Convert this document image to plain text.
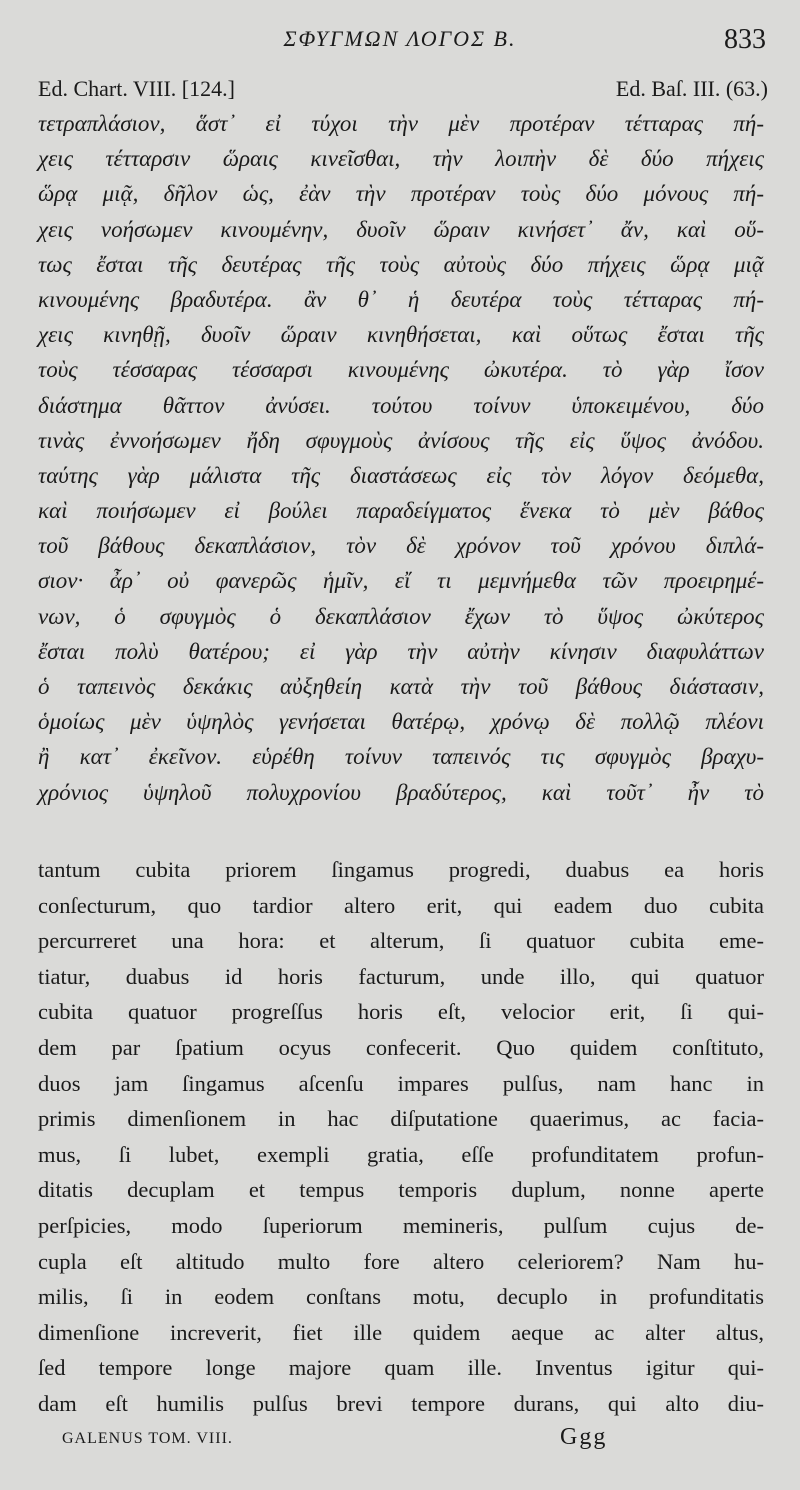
ΣΦΥΓΜΩΝ ΛΟΓΟΣ Β.	833
Ed. Chart. VIII. [124.]	Ed. Baſ. III. (63.)
τετραπλάσιον, ἅστ᾽ εἰ τύχοι τὴν μὲν προτέραν τέτταρας πή-
χεις τέτταρσιν ὥραις κινεῖσθαι, τὴν λοιπὴν δὲ δύο πήχεις
ὥρᾳ μιᾷ, δῆλον ὡς, ἐὰν τὴν προτέραν τοὺς δύο μόνους πή-
χεις νοήσωμεν κινουμένην, δυοῖν ὥραιν κινήσετ᾽ ἄν, καὶ οὕ-
τως ἔσται τῆς δευτέρας τῆς τοὺς αὐτοὺς δύο πήχεις ὥρᾳ μιᾷ
κινουμένης βραδυτέρα. ἂν θ᾽ ἡ δευτέρα τοὺς τέτταρας πή-
χεις κινηθῇ, δυοῖν ὥραιν κινηθήσεται, καὶ οὕτως ἔσται τῆς
τοὺς τέσσαρας τέσσαρσι κινουμένης ὠκυτέρα. τὸ γὰρ ἴσον
διάστημα θᾶττον ἀνύσει. τούτου τοίνυν ὑποκειμένου, δύο
τινὰς ἐννοήσωμεν ἤδη σφυγμοὺς ἀνίσους τῆς εἰς ὕψος ἀνόδου.
ταύτης γὰρ μάλιστα τῆς διαστάσεως εἰς τὸν λόγον δεόμεθα,
καὶ ποιήσωμεν εἰ βούλει παραδείγματος ἕνεκα τὸ μὲν βάθος
τοῦ βάθους δεκαπλάσιον, τὸν δὲ χρόνον τοῦ χρόνου διπλά-
σιον· ἆρ᾽ οὐ φανερῶς ἡμῖν, εἴ τι μεμνήμεθα τῶν προειρημέ-
νων, ὁ σφυγμὸς ὁ δεκαπλάσιον ἔχων τὸ ὕψος ὠκύτερος
ἔσται πολὺ θατέρου; εἰ γὰρ τὴν αὐτὴν κίνησιν διαφυλάττων
ὁ ταπεινὸς δεκάκις αὐξηθείη κατὰ τὴν τοῦ βάθους διάστασιν,
ὁμοίως μὲν ὑψηλὸς γενήσεται θατέρῳ, χρόνῳ δὲ πολλῷ πλέονι
ἢ κατ᾽ ἐκεῖνον. εὑρέθη τοίνυν ταπεινός τις σφυγμὸς βραχυ-
χρόνιος ὑψηλοῦ πολυχρονίου βραδύτερος, καὶ τοῦτ᾽ ἦν τὸ
tantum cubita priorem ſingamus progredi, duabus ea horis
conſecturum, quo tardior altero erit, qui eadem duo cubita
percurreret una hora: et alterum, ſi quatuor cubita eme-
tiatur, duabus id horis facturum, unde illo, qui quatuor
cubita quatuor progreſſus horis eſt, velocior erit, ſi qui-
dem par ſpatium ocyus confecerit. Quo quidem conſtituto,
duos jam ſingamus aſcenſu impares pulſus, nam hanc in
primis dimenſionem in hac diſputatione quaerimus, ac facia-
mus, ſi lubet, exempli gratia, eſſe profunditatem profun-
ditatis decuplam et tempus temporis duplum, nonne aperte
perſpicies, modo ſuperiorum memineris, pulſum cujus de-
cupla eſt altitudo multo fore altero celeriorem? Nam hu-
milis, ſi in eodem conſtans motu, decuplo in profunditatis
dimenſione increverit, fiet ille quidem aeque ac alter altus,
ſed tempore longe majore quam ille. Inventus igitur qui-
dam eſt humilis pulſus brevi tempore durans, qui alto diu-
GALENUS TOM. VIII.	Ggg
